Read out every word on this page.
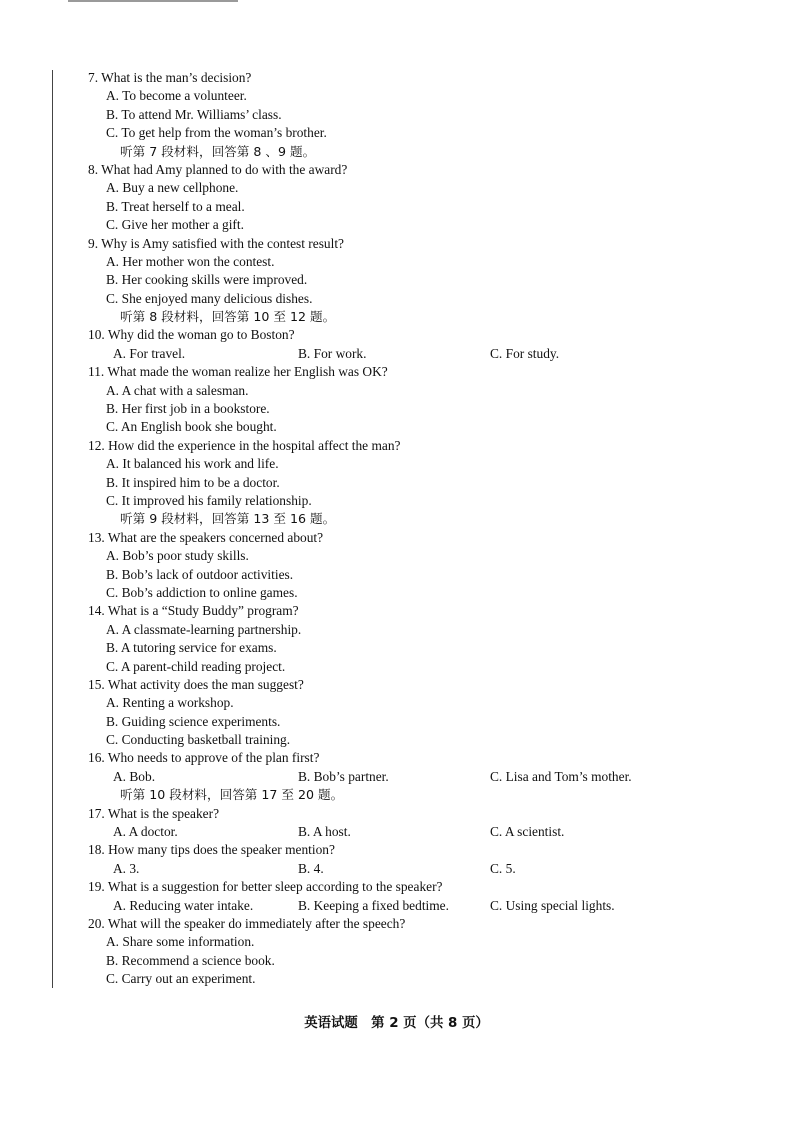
7. What is the man’s decision?
A. To become a volunteer.
B. To attend Mr. Williams’ class.
C. To get help from the woman’s brother.
听第 7 段材料，回答第 8 、9 题。
8. What had Amy planned to do with the award?
A. Buy a new cellphone.
B. Treat herself to a meal.
C. Give her mother a gift.
9. Why is Amy satisfied with the contest result?
A. Her mother won the contest.
B. Her cooking skills were improved.
C. She enjoyed many delicious dishes.
听第 8 段材料，回答第 10 至 12 题。
10. Why did the woman go to Boston?
A. For travel.	B. For work.	C. For study.
11. What made the woman realize her English was OK?
A. A chat with a salesman.
B. Her first job in a bookstore.
C. An English book she bought.
12. How did the experience in the hospital affect the man?
A. It balanced his work and life.
B. It inspired him to be a doctor.
C. It improved his family relationship.
听第 9 段材料，回答第 13 至 16 题。
13. What are the speakers concerned about?
A. Bob’s poor study skills.
B. Bob’s lack of outdoor activities.
C. Bob’s addiction to online games.
14. What is a “Study Buddy” program?
A. A classmate-learning partnership.
B. A tutoring service for exams.
C. A parent-child reading project.
15. What activity does the man suggest?
A. Renting a workshop.
B. Guiding science experiments.
C. Conducting basketball training.
16. Who needs to approve of the plan first?
A. Bob.	B. Bob’s partner.	C. Lisa and Tom’s mother.
听第 10 段材料，回答第 17 至 20 题。
17. What is the speaker?
A. A doctor.	B. A host.	C. A scientist.
18. How many tips does the speaker mention?
A. 3.	B. 4.	C. 5.
19. What is a suggestion for better sleep according to the speaker?
A. Reducing water intake.	B. Keeping a fixed bedtime.	C. Using special lights.
20. What will the speaker do immediately after the speech?
A. Share some information.
B. Recommend a science book.
C. Carry out an experiment.
英语试题　第 2 页（共 8 页）
